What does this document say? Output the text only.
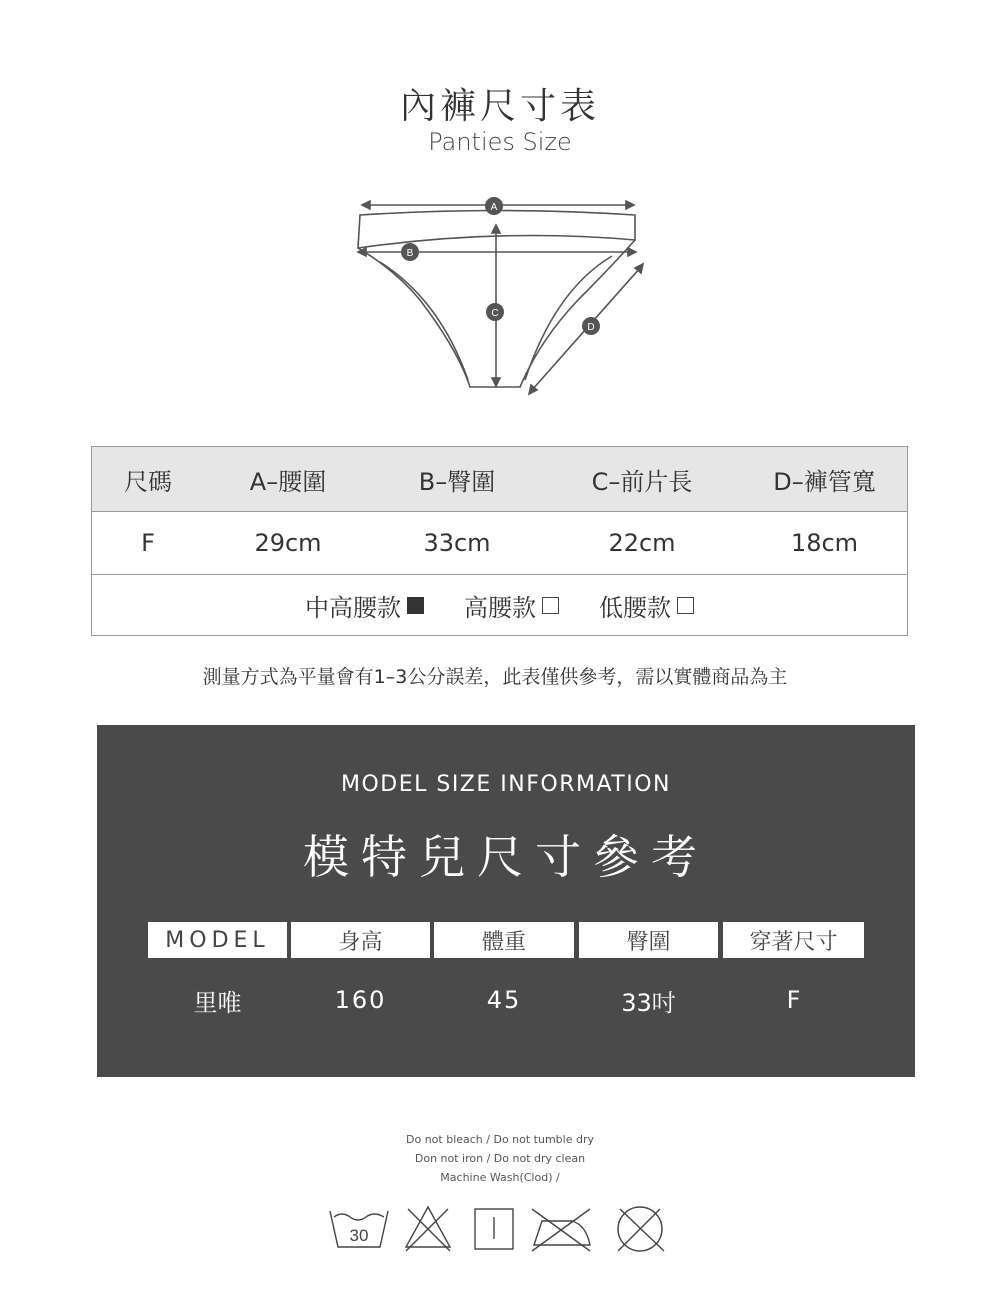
內褲尺寸表
Panties Size
A
B
C
D
尺碼	A–腰圍	B–臀圍	C–前片長	D–褲管寬
F	29cm	33cm	22cm	18cm
中高腰款	高腰款	低腰款
測量方式為平量會有1–3公分誤差，此表僅供參考，需以實體商品為主
MODEL SIZE INFORMATION
模特兒尺寸參考
MODEL	身高	體重	臀圍	穿著尺寸
里唯	160	45	33吋	F
Do not bleach / Do not tumble dry
Don not iron / Do not dry clean
Machine Wash(Clod) /
30
